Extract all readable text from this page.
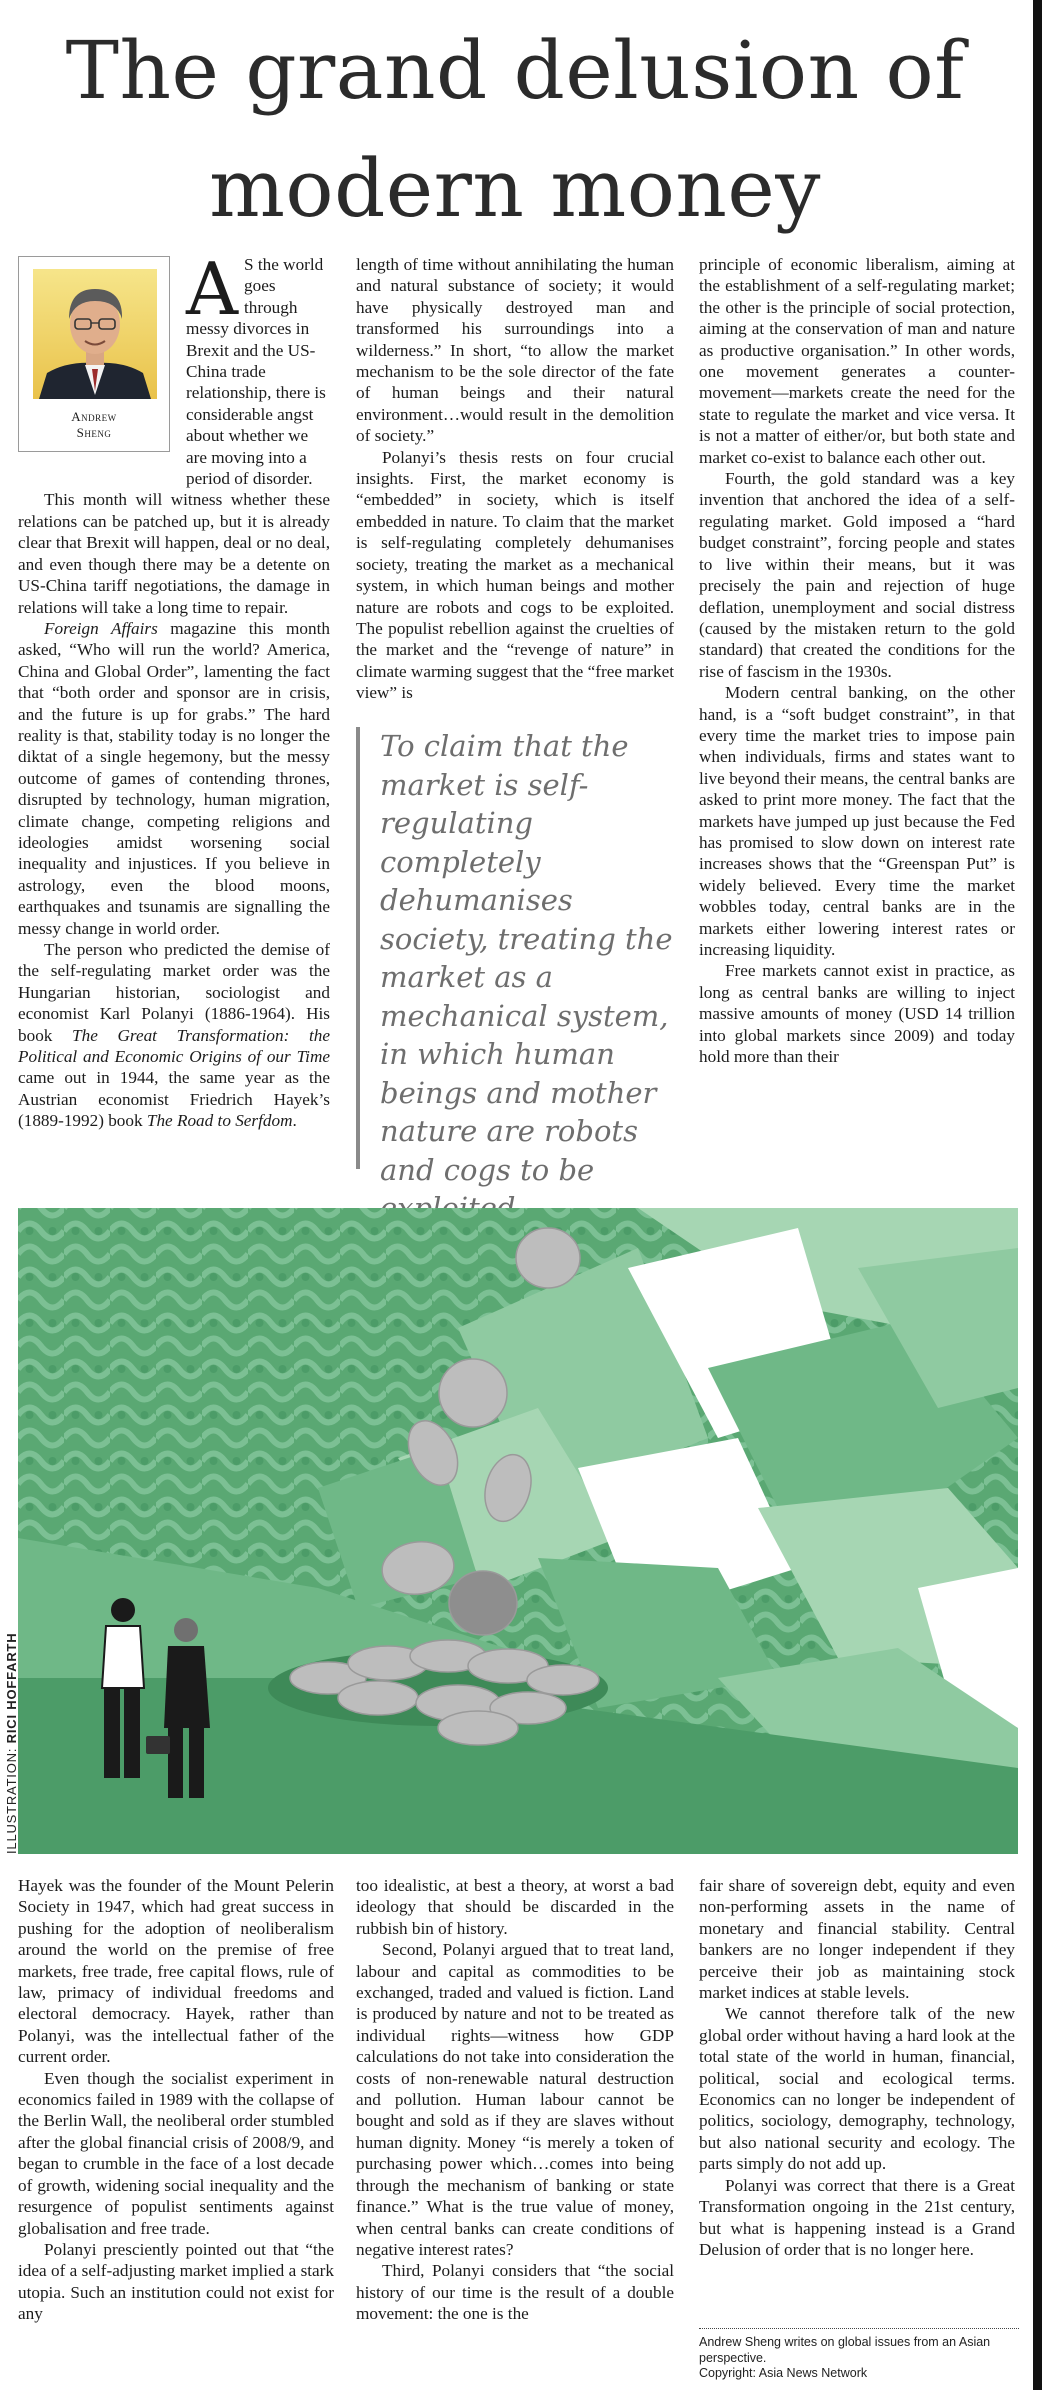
The grand delusion of
modern money
Andrew
Sheng

A S the world goes through messy divorces in Brexit and the US-China trade relationship, there is considerable angst about whether we are moving into a period of disorder.

This month will witness whether these relations can be patched up, but it is already clear that Brexit will happen, deal or no deal, and even though there may be a detente on US-China tariff negotiations, the damage in relations will take a long time to repair.

Foreign Affairs magazine this month asked, “Who will run the world? America, China and Global Order”, lamenting the fact that “both order and sponsor are in crisis, and the future is up for grabs.” The hard reality is that, stability today is no longer the diktat of a single hegemony, but the messy outcome of games of contending thrones, disrupted by technology, human migration, climate change, competing religions and ideologies amidst worsening social inequality and injustices. If you believe in astrology, even the blood moons, earthquakes and tsunamis are signalling the messy change in world order.

The person who predicted the demise of the self-regulating market order was the Hungarian historian, sociologist and economist Karl Polanyi (1886-1964). His book The Great Transformation: the Political and Economic Origins of our Time came out in 1944, the same year as the Austrian economist Friedrich Hayek’s (1889-1992) book The Road to Serfdom.

length of time without annihilating the human and natural substance of society; it would have physically destroyed man and transformed his surroundings into a wilderness.” In short, “to allow the market mechanism to be the sole director of the fate of human beings and their natural environment…would result in the demolition of society.”

Polanyi’s thesis rests on four crucial insights. First, the market economy is “embedded” in society, which is itself embedded in nature. To claim that the market is self-regulating completely dehumanises society, treating the market as a mechanical system, in which human beings and mother nature are robots and cogs to be exploited. The populist rebellion against the cruelties of the market and the “revenge of nature” in climate warming suggest that the “free market view” is

To claim that the market is self-regulating completely dehumanises society, treating the market as a mechanical system, in which human beings and mother nature are robots and cogs to be

principle of economic liberalism, aiming at the establishment of a self-regulating market; the other is the principle of social protection, aiming at the conservation of man and nature as productive organisation.” In other words, one movement generates a counter-movement—markets create the need for the state to regulate the market and vice versa. It is not a matter of either/or, but both state and market co-exist to balance each other out.

Fourth, the gold standard was a key invention that anchored the idea of a self-regulating market. Gold imposed a “hard budget constraint”, forcing people and states to live within their means, but it was precisely the pain and rejection of huge deflation, unemployment and social distress (caused by the mistaken return to the gold standard) that created the conditions for the rise of fascism in the 1930s.

Modern central banking, on the other hand, is a “soft budget constraint”, in that every time the market tries to impose pain when individuals, firms and states want to live beyond their means, the central banks are asked to print more money. The fact that the markets have jumped up just because the Fed has promised to slow down on interest rate increases shows that the “Greenspan Put” is widely believed. Every time the market wobbles today, central banks are in the markets either lowering interest rates or increasing liquidity.

Free markets cannot exist in practice, as long as central banks are willing to inject massive amounts of money (USD 14 trillion into global markets since 2009) and today hold more than their

ILLUSTRATION: RICI HOFFARTH

Hayek was the founder of the Mount Pelerin Society in 1947, which had great success in pushing for the adoption of neoliberalism around the world on the premise of free markets, free trade, free capital flows, rule of law, primacy of individual freedoms and electoral democracy. Hayek, rather than Polanyi, was the intellectual father of the current order.

Even though the socialist experiment in economics failed in 1989 with the collapse of the Berlin Wall, the neoliberal order stumbled after the global financial crisis of 2008/9, and began to crumble in the face of a lost decade of growth, widening social inequality and the resurgence of populist sentiments against globalisation and free trade.

Polanyi presciently pointed out that “the idea of a self-adjusting market implied a stark utopia. Such an institution could not exist for any

too idealistic, at best a theory, at worst a bad ideology that should be discarded in the rubbish bin of history.

Second, Polanyi argued that to treat land, labour and capital as commodities to be exchanged, traded and valued is fiction. Land is produced by nature and not to be treated as individual rights—witness how GDP calculations do not take into consideration the costs of non-renewable natural destruction and pollution. Human labour cannot be bought and sold as if they are slaves without human dignity. Money “is merely a token of purchasing power which…comes into being through the mechanism of banking or state finance.” What is the true value of money, when central banks can create conditions of negative interest rates?

Third, Polanyi considers that “the social history of our time is the result of a double movement: the one is the

fair share of sovereign debt, equity and even non-performing assets in the name of monetary and financial stability. Central bankers are no longer independent if they perceive their job as maintaining stock market indices at stable levels.

We cannot therefore talk of the new global order without having a hard look at the total state of the world in human, financial, political, social and ecological terms. Economics can no longer be independent of politics, sociology, demography, technology, but also national security and ecology. The parts simply do not add up.

Polanyi was correct that there is a Great Transformation ongoing in the 21st century, but what is happening instead is a Grand Delusion of order that is no longer here.

Andrew Sheng writes on global issues from an Asian perspective.
Copyright: Asia News Network
